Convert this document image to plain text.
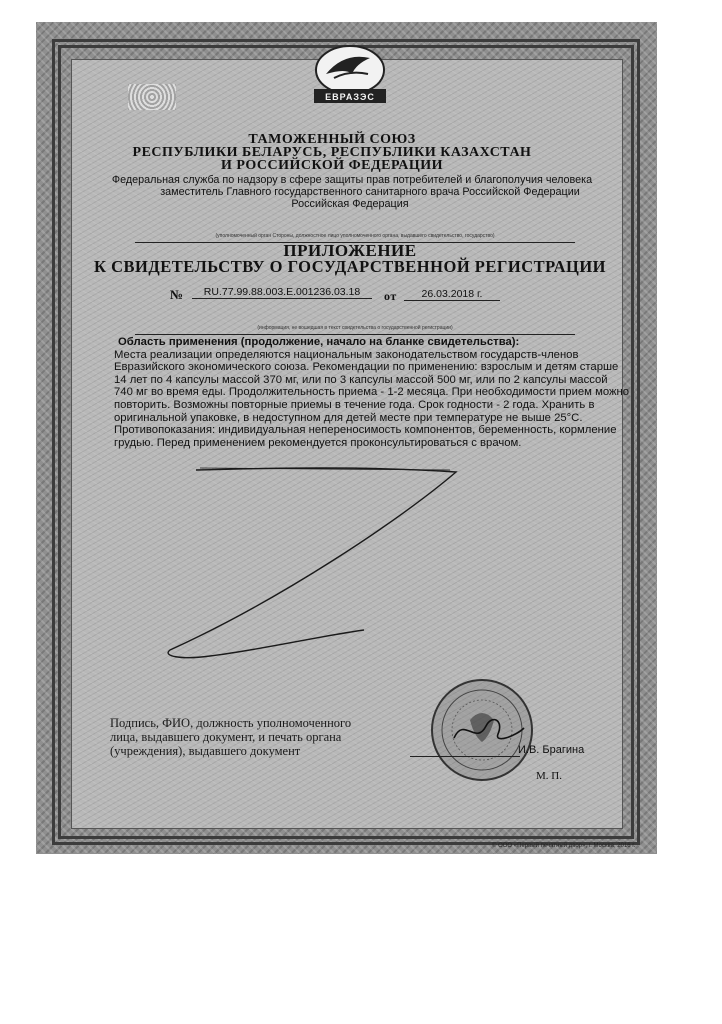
ЕВРАЗЭС
ТАМОЖЕННЫЙ СОЮЗ
РЕСПУБЛИКИ БЕЛАРУСЬ, РЕСПУБЛИКИ КАЗАХСТАН
И РОССИЙСКОЙ ФЕДЕРАЦИИ
Федеральная служба по надзору в сфере защиты прав потребителей и благополучия человека
заместитель Главного государственного санитарного врача Российской Федерации
Российская Федерация
(уполномоченный орган Стороны, должностное лицо уполномоченного органа, выдавшего свидетельство, государство)
ПРИЛОЖЕНИЕ
К СВИДЕТЕЛЬСТВУ О ГОСУДАРСТВЕННОЙ РЕГИСТРАЦИИ
№	RU.77.99.88.003.Е.001236.03.18	от	26.03.2018 г.
(информация, не вошедшая в текст свидетельства о государственной регистрации)
Область применения (продолжение, начало на бланке свидетельства):
Места реализации определяются национальным законодательством государств-членов
Евразийского экономического союза. Рекомендации по применению: взрослым и детям старше
14 лет по 4 капсулы массой 370 мг, или по 3 капсулы массой 500 мг, или по 2 капсулы массой
740 мг во время еды. Продолжительность приема - 1-2 месяца. При необходимости прием можно
повторить. Возможны повторные приемы в течение года. Срок годности - 2 года. Хранить в
оригинальной упаковке, в недоступном для детей месте при температуре не выше 25°С.
Противопоказания: индивидуальная непереносимость компонентов, беременность, кормление
грудью. Перед применением рекомендуется проконсультироваться с врачом.
Подпись, ФИО, должность уполномоченного
лица, выдавшего документ, и печать органа
(учреждения), выдавшего документ	И.В. Брагина
М. П.
© ООО «Первый печатный двор», г. Москва, 2016 г.
